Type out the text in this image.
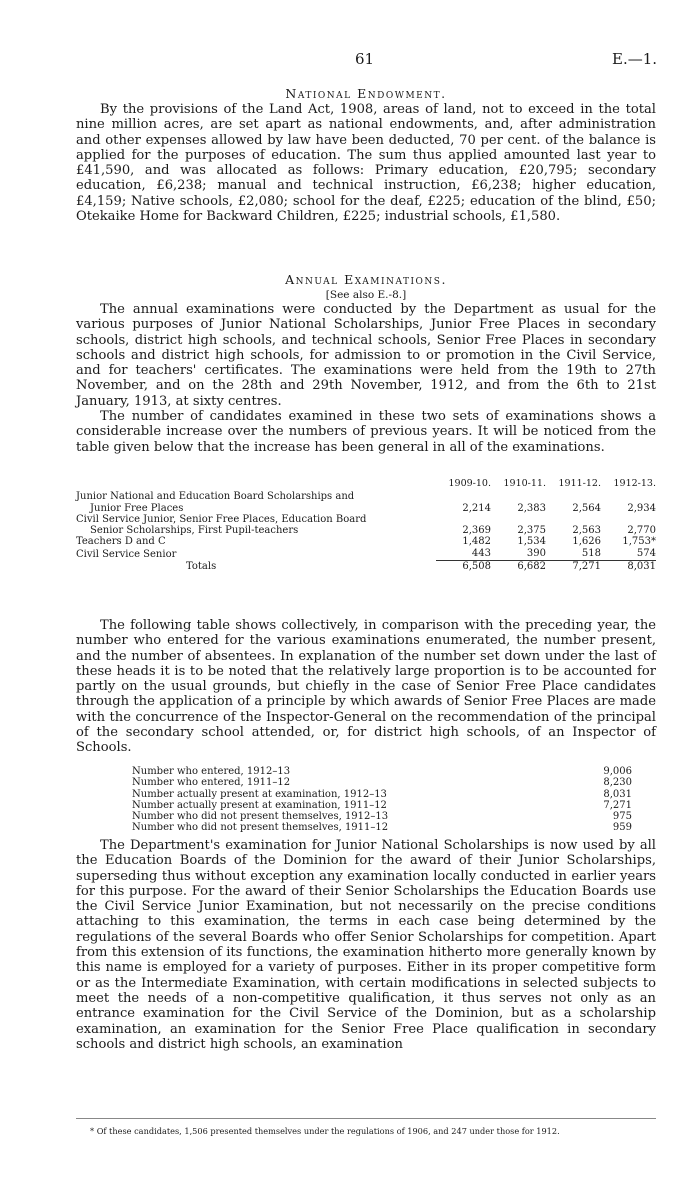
61	E.—1.

National Endowment.

By the provisions of the Land Act, 1908, areas of land, not to exceed in the total nine million acres, are set apart as national endowments, and, after administration and other expenses allowed by law have been deducted, 70 per cent. of the balance is applied for the purposes of education. The sum thus applied amounted last year to £41,590, and was allocated as follows: Primary education, £20,795; secondary education, £6,238; manual and technical instruction, £6,238; higher education, £4,159; Native schools, £2,080; school for the deaf, £225; education of the blind, £50; Otekaike Home for Backward Children, £225; industrial schools, £1,580.

Annual Examinations.

[See also E.-8.]

The annual examinations were conducted by the Department as usual for the various purposes of Junior National Scholarships, Junior Free Places in secondary schools, district high schools, and technical schools, Senior Free Places in secondary schools and district high schools, for admission to or promotion in the Civil Service, and for teachers' certificates. The examinations were held from the 19th to 27th November, and on the 28th and 29th November, 1912, and from the 6th to 21st January, 1913, at sixty centres.

The number of candidates examined in these two sets of examinations shows a considerable increase over the numbers of previous years. It will be noticed from the table given below that the increase has been general in all of the examinations.

	1909-10.	1910-11.	1911-12.	1912-13.
Junior National and Education Board Scholarships and				
Junior Free Places	2,214	2,383	2,564	2,934
Civil Service Junior, Senior Free Places, Education Board				
Senior Scholarships, First Pupil-teachers	2,369	2,375	2,563	2,770
Teachers D and C	1,482	1,534	1,626	1,753*
Civil Service Senior	443	390	518	574
Totals	6,508	6,682	7,271	8,031

The following table shows collectively, in comparison with the preceding year, the number who entered for the various examinations enumerated, the number present, and the number of absentees. In explanation of the number set down under the last of these heads it is to be noted that the relatively large proportion is to be accounted for partly on the usual grounds, but chiefly in the case of Senior Free Place candidates through the application of a principle by which awards of Senior Free Places are made with the concurrence of the Inspector-General on the recommendation of the principal of the secondary school attended, or, for district high schools, of an Inspector of Schools.

Number who entered, 1912–13	9,006
Number who entered, 1911–12	8,230
Number actually present at examination, 1912–13	8,031
Number actually present at examination, 1911–12	7,271
Number who did not present themselves, 1912–13	975
Number who did not present themselves, 1911–12	959

The Department's examination for Junior National Scholarships is now used by all the Education Boards of the Dominion for the award of their Junior Scholarships, superseding thus without exception any examination locally conducted in earlier years for this purpose. For the award of their Senior Scholarships the Education Boards use the Civil Service Junior Examination, but not necessarily on the precise conditions attaching to this examination, the terms in each case being determined by the regulations of the several Boards who offer Senior Scholarships for competition. Apart from this extension of its functions, the examination hitherto more generally known by this name is employed for a variety of purposes. Either in its proper competitive form or as the Intermediate Examination, with certain modifications in selected subjects to meet the needs of a non-competitive qualification, it thus serves not only as an entrance examination for the Civil Service of the Dominion, but as a scholarship examination, an examination for the Senior Free Place qualification in secondary schools and district high schools, an examination

* Of these candidates, 1,506 presented themselves under the regulations of 1906, and 247 under those for 1912.
